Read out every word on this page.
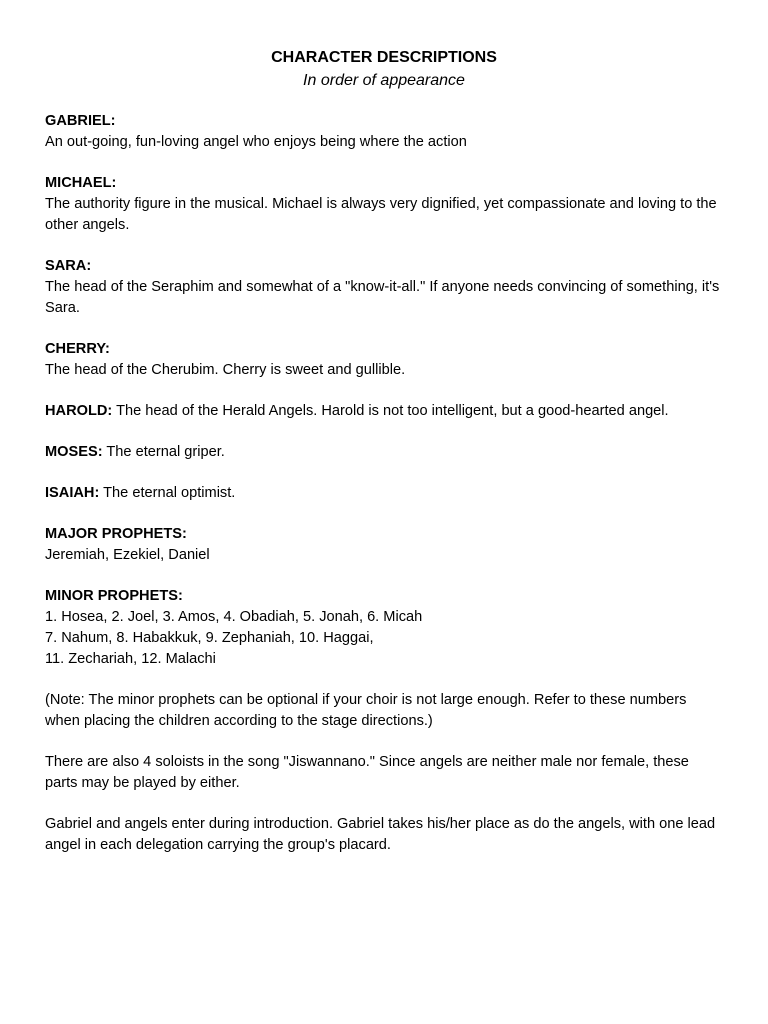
CHARACTER DESCRIPTIONS
In order of appearance
GABRIEL:
An out-going, fun-loving angel who enjoys being where the action
MICHAEL:
The authority figure in the musical. Michael is always very dignified, yet compassionate and loving to the other angels.
SARA:
The head of the Seraphim and somewhat of a "know-it-all." If anyone needs convincing of something, it's Sara.
CHERRY:
The head of the Cherubim. Cherry is sweet and gullible.
HAROLD: The head of the Herald Angels. Harold is not too intelligent, but a good-hearted angel.
MOSES: The eternal griper.
ISAIAH: The eternal optimist.
MAJOR PROPHETS:
Jeremiah, Ezekiel, Daniel
MINOR PROPHETS:
1. Hosea, 2. Joel, 3. Amos, 4. Obadiah, 5. Jonah, 6. Micah
7. Nahum, 8. Habakkuk, 9. Zephaniah, 10. Haggai,
11. Zechariah, 12. Malachi
(Note: The minor prophets can be optional if your choir is not large enough. Refer to these numbers when placing the children according to the stage directions.)
There are also 4 soloists in the song "Jiswannano." Since angels are neither male nor female, these parts may be played by either.
Gabriel and angels enter during introduction. Gabriel takes his/her place as do the angels, with one lead angel in each delegation carrying the group's placard.
